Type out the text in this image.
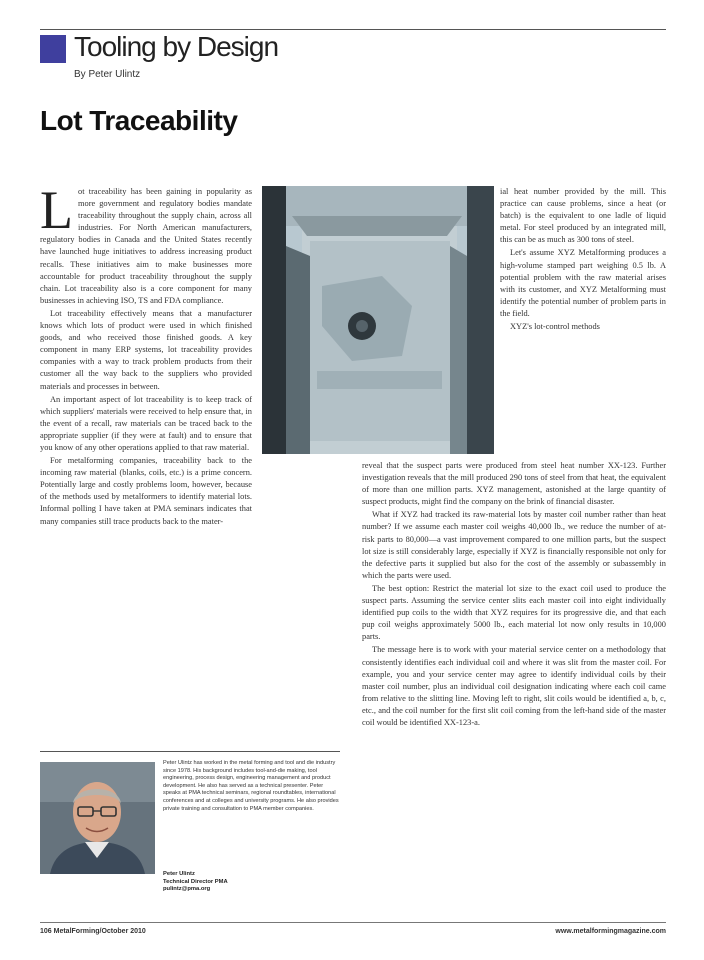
Tooling by Design
By Peter Ulintz
Lot Traceability

Lot traceability has been gaining in popularity as more government and regulatory bodies mandate traceability throughout the supply chain, across all industries. For North American manufacturers, regulatory bodies in Canada and the United States recently have launched huge initiatives to address increasing product recalls. These initiatives aim to make businesses more accountable for product traceability throughout the supply chain. Lot traceability also is a core component for many businesses in achieving ISO, TS and FDA compliance.

Lot traceability effectively means that a manufacturer knows which lots of product were used in which finished goods, and who received those finished goods. A key component in many ERP systems, lot traceability provides companies with a way to track problem products from their customer all the way back to the suppliers who provided materials and processes in between.

An important aspect of lot traceability is to keep track of which suppliers' materials were received to help ensure that, in the event of a recall, raw materials can be traced back to the appropriate supplier (if they were at fault) and to ensure that you know of any other operations applied to that raw material.

For metalforming companies, traceability back to the incoming raw material (blanks, coils, etc.) is a prime concern. Potentially large and costly problems loom, however, because of the methods used by metalformers to identify material lots. Informal polling I have taken at PMA seminars indicates that many companies still trace products back to the mater-

ial heat number provided by the mill. This practice can cause problems, since a heat (or batch) is the equivalent to one ladle of liquid metal. For steel produced by an integrated mill, this can be as much as 300 tons of steel.

Let's assume XYZ Metalforming produces a high-volume stamped part weighing 0.5 lb. A potential problem with the raw material arises with its customer, and XYZ Metalforming must identify the potential number of problem parts in the field.

XYZ's lot-control methods

reveal that the suspect parts were produced from steel heat number XX-123. Further investigation reveals that the mill produced 290 tons of steel from that heat, the equivalent of more than one million parts. XYZ management, astonished at the large quantity of suspect products, might find the company on the brink of financial disaster.

What if XYZ had tracked its raw-material lots by master coil number rather than heat number? If we assume each master coil weighs 40,000 lb., we reduce the number of at-risk parts to 80,000—a vast improvement compared to one million parts, but the suspect lot size is still considerably large, especially if XYZ is financially responsible not only for the defective parts it supplied but also for the cost of the assembly or subassembly in which the parts were used.

The best option: Restrict the material lot size to the exact coil used to produce the suspect parts. Assuming the service center slits each master coil into eight individually identified pup coils to the width that XYZ requires for its progressive die, and that each pup coil weighs approximately 5000 lb., each material lot now only results in 10,000 parts.

The message here is to work with your material service center on a methodology that consistently identifies each individual coil and where it was slit from the master coil. For example, you and your service center may agree to identify individual coils by their master coil number, plus an individual coil designation indicating where each coil came from relative to the slitting line. Moving left to right, slit coils would be identified a, b, c, etc., and the coil number for the first slit coil coming from the left-hand side of the master coil would be identified XX-123-a.

Peter Ulintz has worked in the metal forming and tool and die industry since 1978. His background includes tool-and-die making, tool engineering, process design, engineering management and product development. He also has served as a technical presenter. Peter speaks at PMA technical seminars, regional roundtables, international conferences and at colleges and university programs. He also provides private training and consultation to PMA member companies.
Peter Ulintz
Technical Director PMA
pulintz@pma.org
106 MetalForming/October 2010	www.metalformingmagazine.com
